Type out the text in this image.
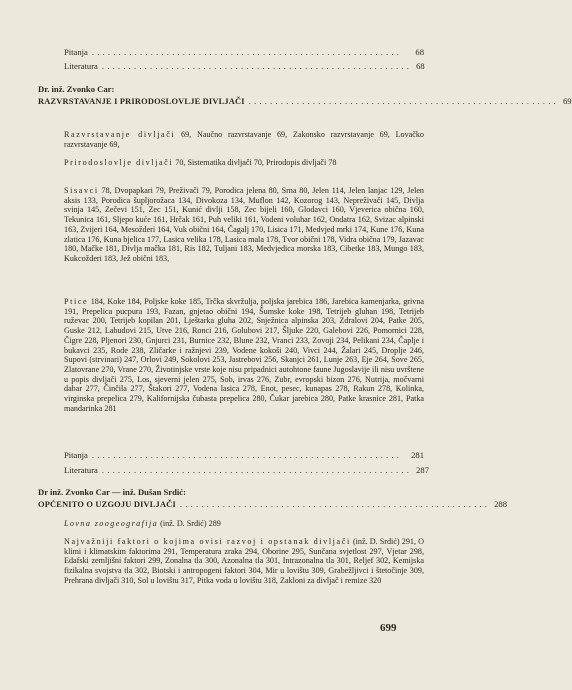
Pitanja ..........................................................	68
Literatura .......................................................... 68
Dr. inž. Zvonko Car:
RAZVRSTAVANJE I PRIRODOSLOVLJE DIVLJAČI .......................................................... 69

Razvrstavanje divljači 69, Naučno razvrstavanje 69, Zakonsko razvrstavanje 69, Lovačko razvrstavanje 69,

Prirodoslovlje divljači 70, Sistematika divljači 70, Prirodopis divljači 78

Sisavci 78, Dvopapkari 79, Preživači 79, Porodica jelena 80, Srna 80, Jelen 114, Jelen lanjac 129, Jelen aksis 133, Porodica šupljorožaca 134, Divokoza 134, Muflon 142, Kozorog 143, Nepreživači 145, Divlja svinja 145, Zečevi 151, Zec 151, Kunić divlji 158, Zec bijeli 160, Glodavci 160, Vjeverica obična 160, Tekunica 161, Sljepo kuće 161, Hrčak 161, Puh veliki 161, Vodeni voluhar 162, Ondatra 162, Svizac alpinski 163, Zvijeri 164, Mesožderi 164, Vuk obični 164, Čagalj 170, Lisica 171, Medvjed mrki 174, Kune 176, Kuna zlatica 176, Kuna bjelica 177, Lasica velika 178, Lasica mala 178, Tvor obični 178, Vidra obična 179, Jazavac 180, Mačke 181, Divlja mačka 181, Ris 182, Tuljani 183, Medvjedica morska 183, Cibetke 183, Mungo 183, Kukcožderi 183, Jež obični 183,

Ptice 184, Koke 184, Poljske koke 185, Trčka skvržulja, poljska jarebica 186, Jarebica kamenjarka, grivna 191, Prepelica pucpura 193, Fazan, gnjetao obični 194, Šumske koke 198, Tetrijeb gluhan 198, Tetrijeb ruževac 200, Tetrijeb kopilan 201, Lještarka gluha 202, Snježnica alpinska 203, Zdralovi 204, Patke 205, Guske 212, Labudovi 215, Utve 216, Ronci 216, Golubovi 217, Šljuke 220, Galebovi 226, Pomornici 228, Čigre 228, Pljenori 230, Gnjurci 231, Burnice 232, Blune 232, Vranci 233, Zovoji 234, Pelikani 234, Čaplje i bukavci 235, Rode 238, Zličarke i ražnjevi 239, Vodene kokoši 240, Vivci 244, Žalari 245, Droplje 246, Supovi (strvinari) 247, Orlovi 249, Sokolovi 253, Jastrebovi 256, Skanjci 261, Lunje 263, Eje 264, Sove 265, Zlatovrane 270, Vrane 270, Životinjske vrste koje nisu pripadnici autohtone faune Jugoslavije ili nisu uvrštene u popis divljači 275, Los, sjeverni jelen 275, Sob, irvas 276, Zubr, evropski bizon 276, Nutrija, močvarni dabar 277, Činčila 277, Štakori 277, Vodena lasica 278, Enot, pesec, kunapas 278, Rakun 278, Kolinka, virginska prepelica 279, Kalifornijska čubasta prepelica 280, Čukar jarebica 280, Patke krasnice 281, Patka mandarinka 281

Pitanja ..........................................................	281
Literatura .......................................................... 287
Dr inž. Zvonko Car — inž. Dušan Srdić:
OPĆENITO O UZGOJU DIVLJAČI .......................................................... 288

Lovna zoogeografija (inž. D. Srdić) 289

Najvažniji faktori o kojima ovisi razvoj i opstanak divljači (inž. D. Srdić) 291, O klimi i klimatskim faktorima 291, Temperatura zraka 294, Oborine 295, Sunčana svjetlost 297, Vjetar 298, Edafski zemljišni faktori 299, Zonalna tla 300, Azonalna tla 301, Intrazonalna tla 301, Reljef 302, Kemijska fizikalna svojstva tla 302, Biotski i antropogeni faktori 304, Mir u lovištu 309, Grabežljivci i štetočinje 309, Prehrana divljači 310, Sol u lovištu 317, Pitka voda u lovištu 318, Zakloni za divljač i remize 320

699
